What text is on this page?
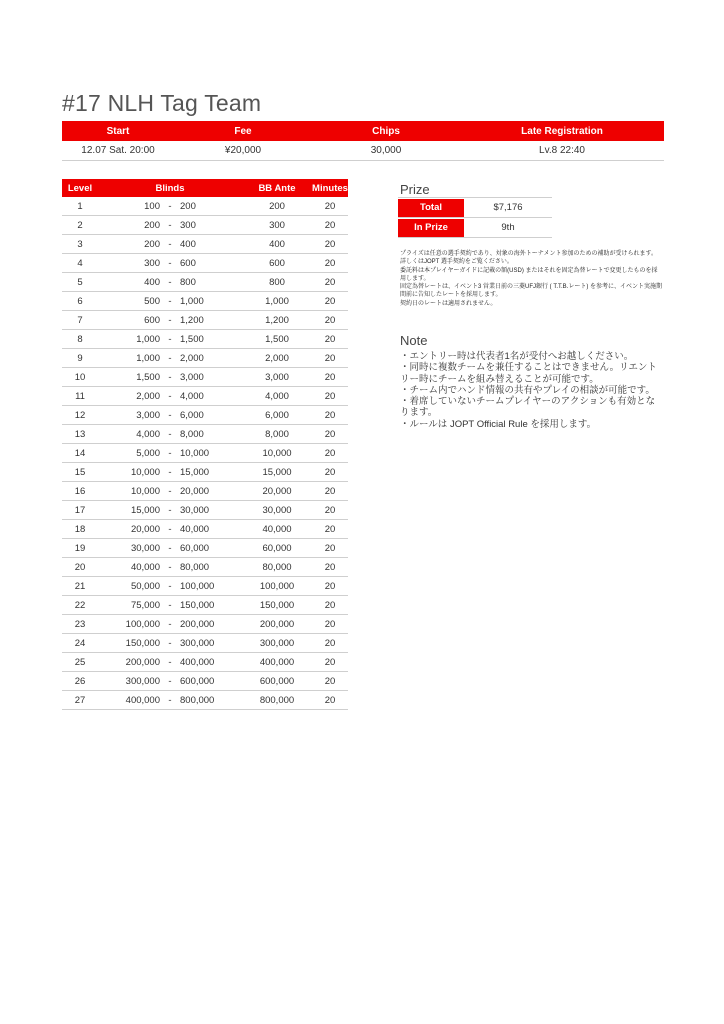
#17 NLH Tag Team
Start	Fee	Chips	Late Registration
12.07 Sat. 20:00	¥20,000	30,000	Lv.8 22:40
Level	Blinds	BB Ante	Minutes
1	100 - 200	200	20
2	200 - 300	300	20
3	200 - 400	400	20
4	300 - 600	600	20
5	400 - 800	800	20
6	500 - 1,000	1,000	20
7	600 - 1,200	1,200	20
8	1,000 - 1,500	1,500	20
9	1,000 - 2,000	2,000	20
10	1,500 - 3,000	3,000	20
11	2,000 - 4,000	4,000	20
12	3,000 - 6,000	6,000	20
13	4,000 - 8,000	8,000	20
14	5,000 - 10,000	10,000	20
15	10,000 - 15,000	15,000	20
16	10,000 - 20,000	20,000	20
17	15,000 - 30,000	30,000	20
18	20,000 - 40,000	40,000	20
19	30,000 - 60,000	60,000	20
20	40,000 - 80,000	80,000	20
21	50,000 - 100,000	100,000	20
22	75,000 - 150,000	150,000	20
23	100,000 - 200,000	200,000	20
24	150,000 - 300,000	300,000	20
25	200,000 - 400,000	400,000	20
26	300,000 - 600,000	600,000	20
27	400,000 - 800,000	800,000	20
Prize
Total	$7,176
In Prize	9th

プライズは任意の選手契約であり、対象の海外トーナメント参加のための補助が受けられます。詳しくはJOPT 選手契約をご覧ください。

委託料は本プレイヤーガイドに記載の額(USD) またはそれを固定為替レートで変更したものを採用します。

固定為替レートは、イベント3 営業日前の三菱UFJ銀行 ( T.T.B.レート) を参考に、イベント実施期間前に告知したレートを採用します。

契約日のレートは適用されません。

Note
・エントリー時は代表者1名が受付へお越しください。
・同時に複数チームを兼任することはできません。リエントリー時にチームを組み替えることが可能です。
・チーム内でハンド情報の共有やプレイの相談が可能です。
・着席していないチームプレイヤーのアクションも有効となります。
・ルールは JOPT Official Rule を採用します。
